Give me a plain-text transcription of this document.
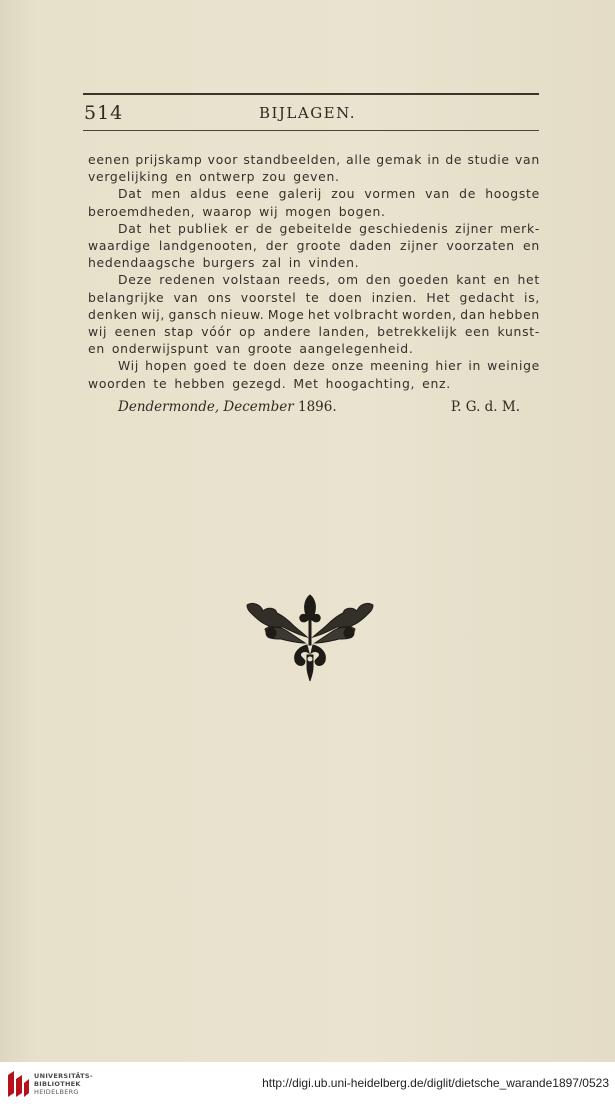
514	BIJLAGEN.
eenen prijskamp voor standbeelden, alle gemak in de studie van
vergelijking en ontwerp zou geven.
Dat men aldus eene galerij zou vormen van de hoogste
beroemdheden, waarop wij mogen bogen.
Dat het publiek er de gebeitelde geschiedenis zijner merk-
waardige landgenooten, der groote daden zijner voorzaten en
hedendaagsche burgers zal in vinden.
Deze redenen volstaan reeds, om den goeden kant en het
belangrijke van ons voorstel te doen inzien. Het gedacht is,
denken wij, gansch nieuw. Moge het volbracht worden, dan hebben
wij eenen stap vóór op andere landen, betrekkelijk een kunst-
en onderwijspunt van groote aangelegenheid.
Wij hopen goed te doen deze onze meening hier in weinige
woorden te hebben gezegd. Met hoogachting, enz.
Dendermonde, December 1896.	P. G. d. M.
UNIVERSITÄTS-
BIBLIOTHEK
HEIDELBERG
http://digi.ub.uni-heidelberg.de/diglit/dietsche_warande1897/0523
